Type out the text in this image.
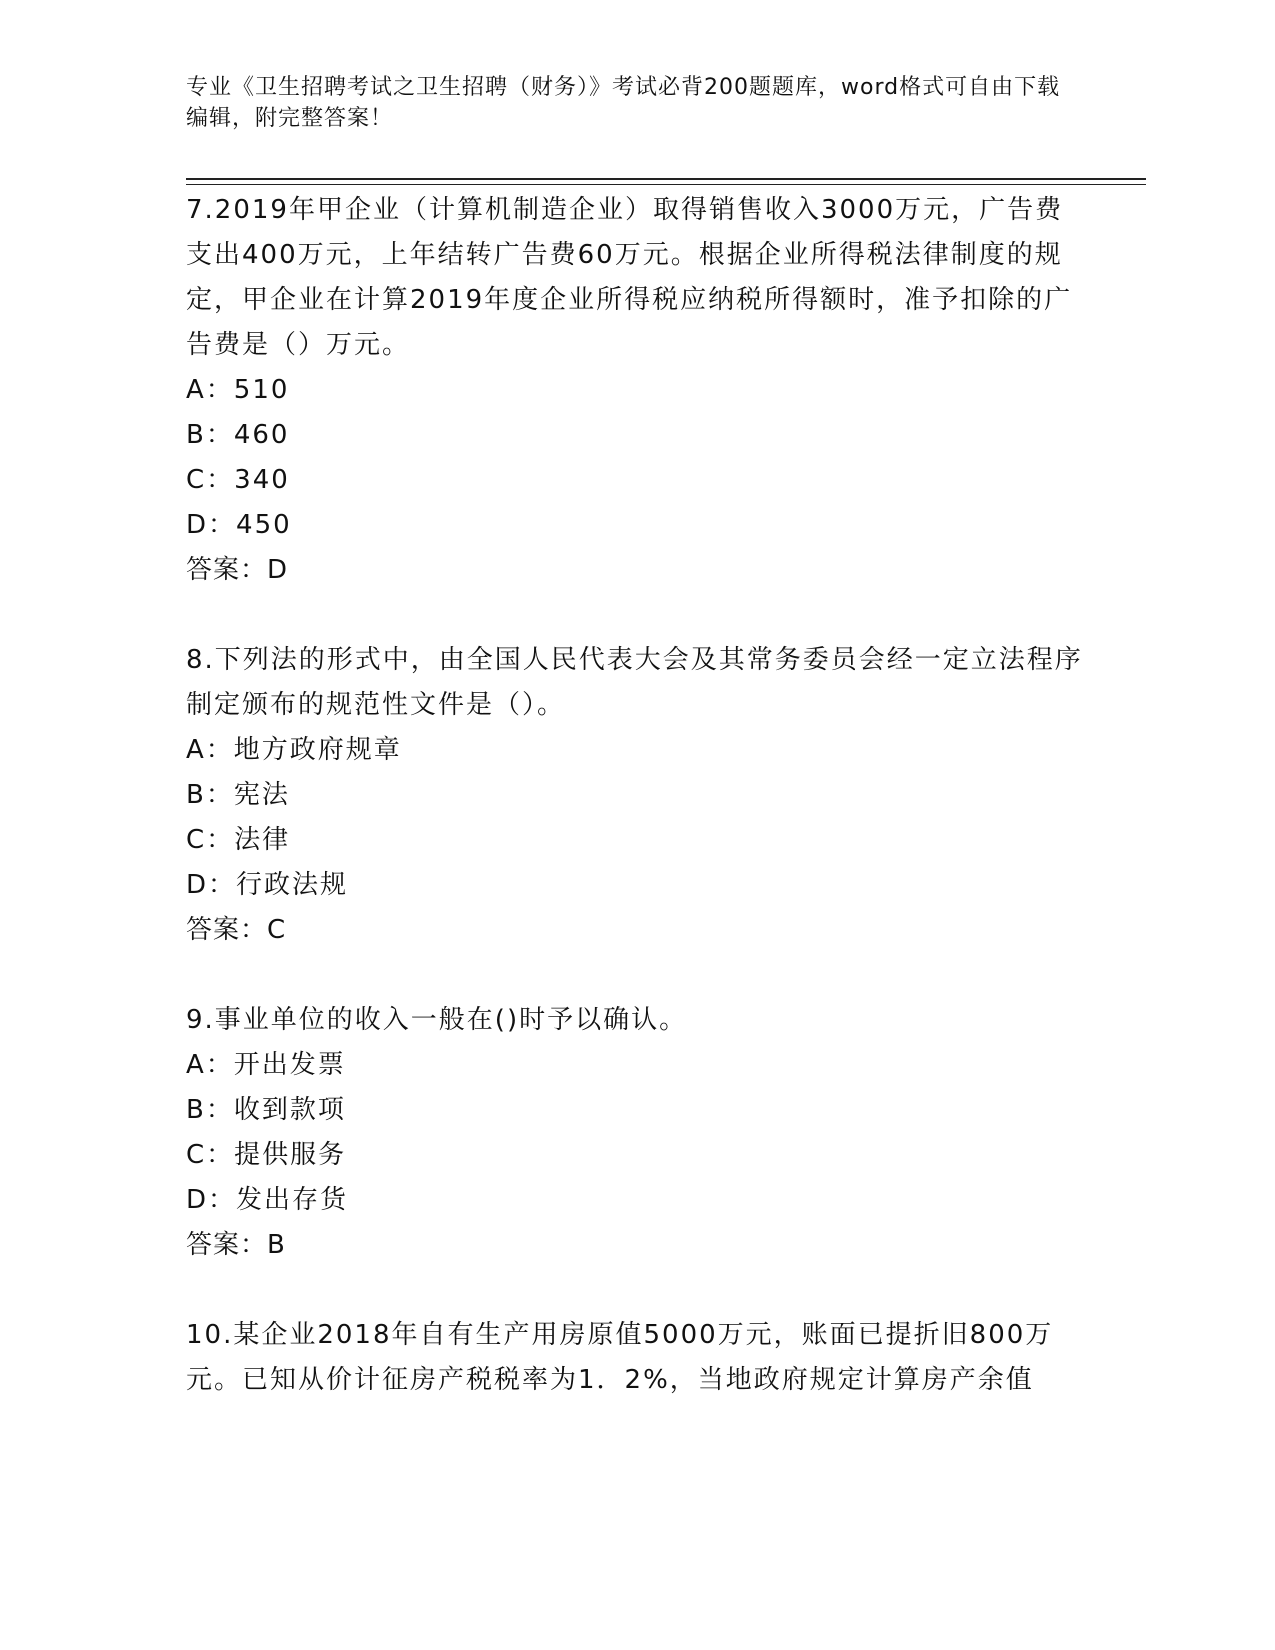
专业《卫生招聘考试之卫生招聘（财务）》考试必背200题题库，word格式可自由下载编辑，附完整答案！
7.2019年甲企业（计算机制造企业）取得销售收入3000万元，广告费支出400万元，上年结转广告费60万元。根据企业所得税法律制度的规定，甲企业在计算2019年度企业所得税应纳税所得额时，准予扣除的广告费是（）万元。
A：510
B：460
C：340
D：450
答案：D
8.下列法的形式中，由全国人民代表大会及其常务委员会经一定立法程序制定颁布的规范性文件是（）。
A：地方政府规章
B：宪法
C：法律
D：行政法规
答案：C
9.事业单位的收入一般在()时予以确认。
A：开出发票
B：收到款项
C：提供服务
D：发出存货
答案：B
10.某企业2018年自有生产用房原值5000万元，账面已提折旧800万元。已知从价计征房产税税率为1．2%，当地政府规定计算房产余值
